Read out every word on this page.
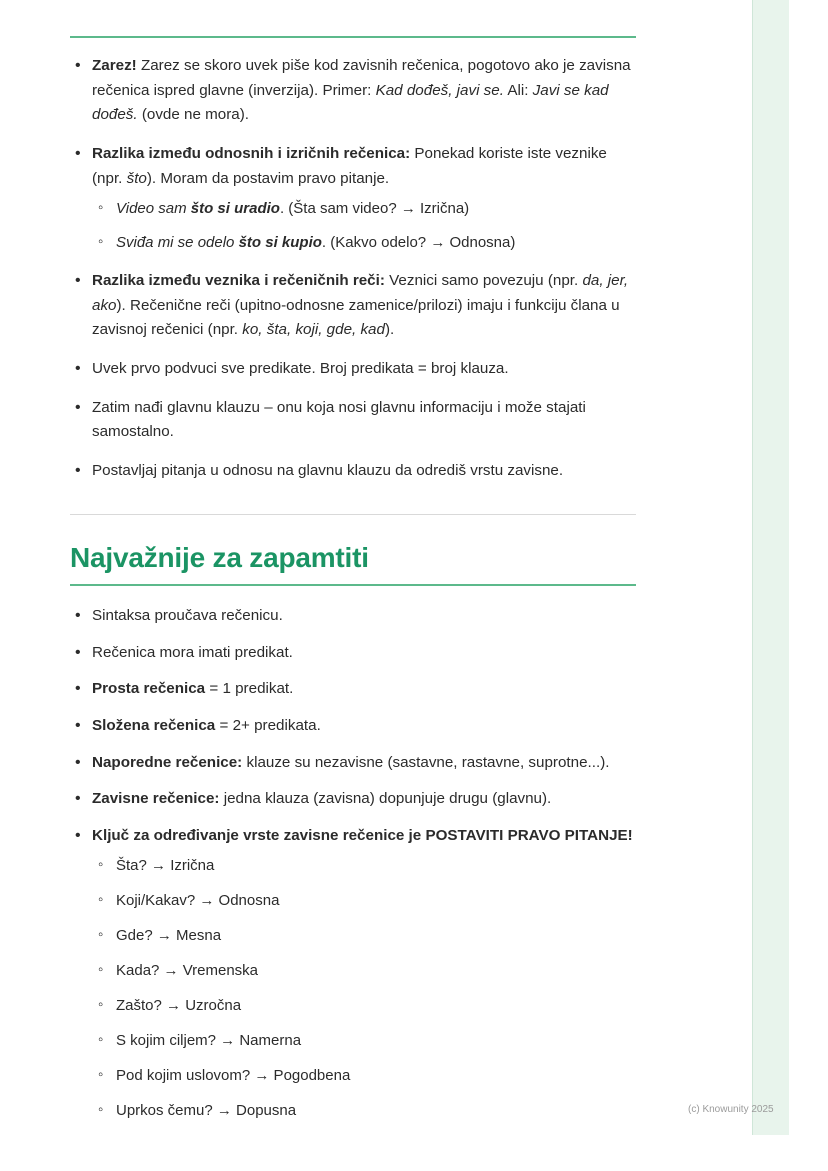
• Zarez! Zarez se skoro uvek piše kod zavisnih rečenica, pogotovo ako je zavisna rečenica ispred glavne (inverzija). Primer: Kad dođeš, javi se. Ali: Javi se kad dođeš. (ovde ne mora).
• Razlika između odnosnih i izričnih rečenica: Ponekad koriste iste veznike (npr. što). Moram da postavim pravo pitanje.
◦ Video sam što si uradio. (Šta sam video? → Izrična)
◦ Sviđa mi se odelo što si kupio. (Kakvo odelo? → Odnosna)
• Razlika između veznika i rečeničnih reči: Veznici samo povezuju (npr. da, jer, ako). Rečenične reči (upitno-odnosne zamenice/prilozi) imaju i funkciju člana u zavisnoj rečenici (npr. ko, šta, koji, gde, kad).
• Uvek prvo podvuci sve predikate. Broj predikata = broj klauza.
• Zatim nađi glavnu klauzu – onu koja nosi glavnu informaciju i može stajati samostalno.
• Postavljaj pitanja u odnosu na glavnu klauzu da odrediš vrstu zavisne.
Najvažnije za zapamtiti
• Sintaksa proučava rečenicu.
• Rečenica mora imati predikat.
• Prosta rečenica = 1 predikat.
• Složena rečenica = 2+ predikata.
• Naporedne rečenice: klauze su nezavisne (sastavne, rastavne, suprotne...).
• Zavisne rečenice: jedna klauza (zavisna) dopunjuje drugu (glavnu).
• Ključ za određivanje vrste zavisne rečenice je POSTAVITI PRAVO PITANJE!
◦ Šta? → Izrična
◦ Koji/Kakav? → Odnosna
◦ Gde? → Mesna
◦ Kada? → Vremenska
◦ Zašto? → Uzročna
◦ S kojim ciljem? → Namerna
◦ Pod kojim uslovom? → Pogodbena
◦ Uprkos čemu? → Dopusna	(c) Knowunity 2025
